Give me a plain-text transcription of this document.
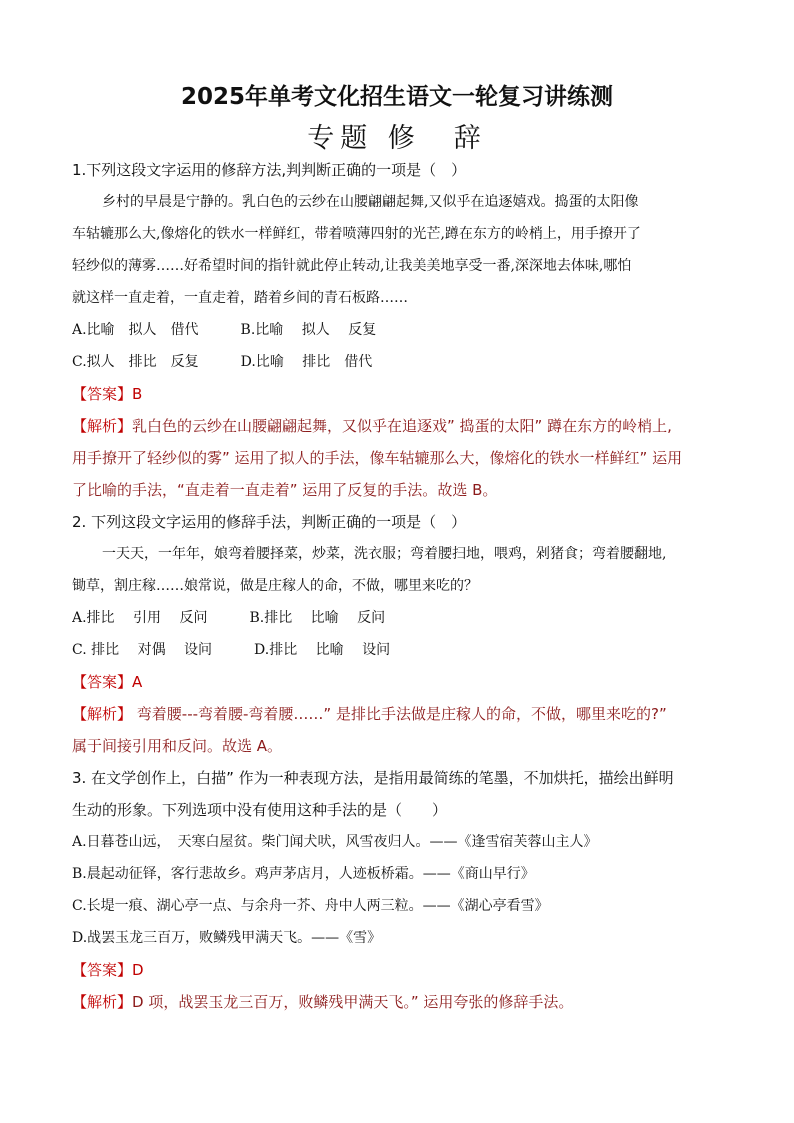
2025年单考文化招生语文一轮复习讲练测
专题 修　辞
1.下列这段文字运用的修辞方法,判判断正确的一项是（　）
乡村的早晨是宁静的。乳白色的云纱在山腰翩翩起舞,又似乎在追逐嬉戏。捣蛋的太阳像
车轱辘那么大,像熔化的铁水一样鲜红，带着喷薄四射的光芒,蹲在东方的岭梢上，用手撩开了
轻纱似的薄雾……好希望时间的指针就此停止转动,让我美美地享受一番,深深地去体味,哪怕
就这样一直走着，一直走着，踏着乡间的青石板路……
A.比喻　拟人　借代　　　B.比喻　 拟人　 反复
C.拟人　排比　反复　　　D.比喻　 排比　借代
【答案】B
【解析】乳白色的云纱在山腰翩翩起舞，又似乎在追逐戏” 捣蛋的太阳” 蹲在东方的岭梢上,
用手撩开了轻纱似的雾” 运用了拟人的手法，像车轱辘那么大，像熔化的铁水一样鲜红” 运用
了比喻的手法，“直走着一直走着” 运用了反复的手法。故选 B。
2. 下列这段文字运用的修辞手法，判断正确的一项是（　）
一天天，一年年，娘弯着腰择菜，炒菜，洗衣服；弯着腰扫地，喂鸡，剁猪食；弯着腰翻地,
锄草，割庄稼……娘常说，做是庄稼人的命，不做，哪里来吃的？
A.排比　 引用　 反问　　　B.排比　 比喻　 反问
C. 排比　 对偶　 设问　　　D.排比　 比喻　 设问
【答案】A
【解析】 弯着腰---弯着腰-弯着腰……” 是排比手法做是庄稼人的命，不做，哪里来吃的?”
属于间接引用和反问。故选 A。
3. 在文学创作上，白描” 作为一种表现方法，是指用最简练的笔墨，不加烘托，描绘出鲜明
生动的形象。下列选项中没有使用这种手法的是（　　）
A.日暮苍山远，　天寒白屋贫。柴门闻犬吠，风雪夜归人。——《逢雪宿芙蓉山主人》
B.晨起动征铎，客行悲故乡。鸡声茅店月，人迹板桥霜。——《商山早行》
C.长堤一痕、湖心亭一点、与余舟一芥、舟中人两三粒。——《湖心亭看雪》
D.战罢玉龙三百万，败鳞残甲满天飞。——《雪》
【答案】D
【解析】D 项，战罢玉龙三百万，败鳞残甲满天飞。” 运用夸张的修辞手法。
